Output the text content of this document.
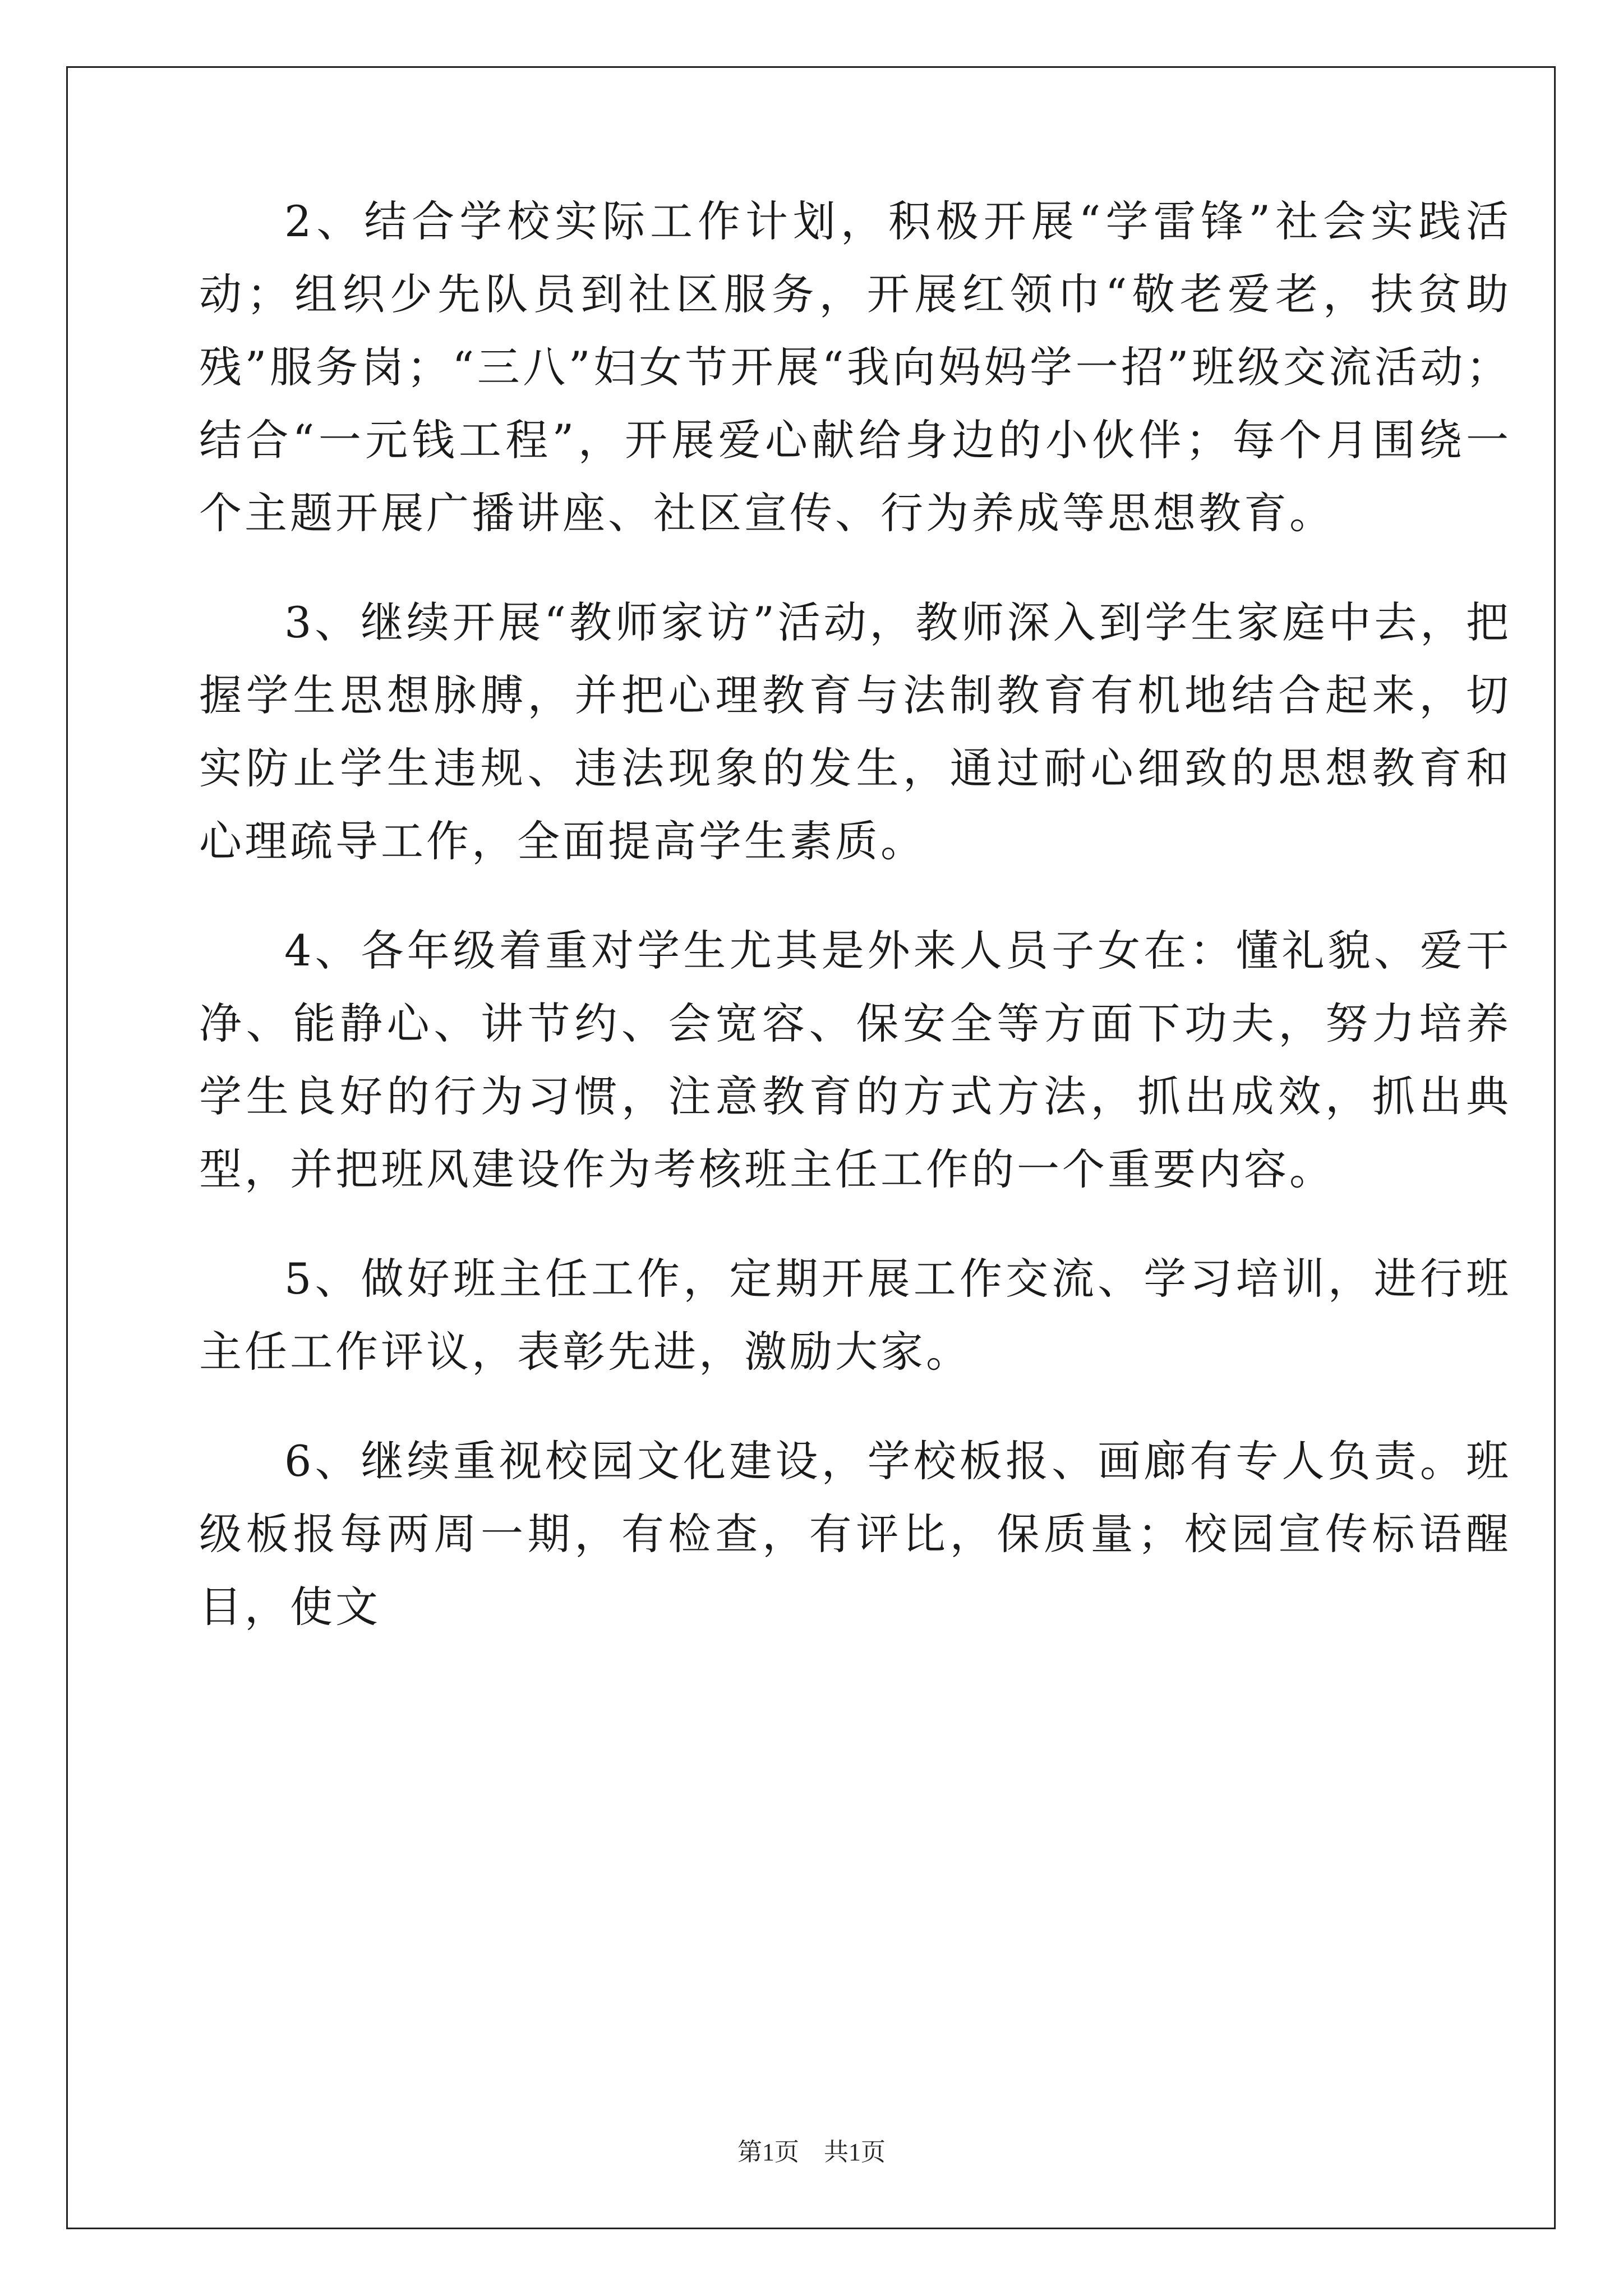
2、结合学校实际工作计划，积极开展“学雷锋”社会实践活动；组织少先队员到社区服务，开展红领巾“敬老爱老，扶贫助残”服务岗；“三八”妇女节开展“我向妈妈学一招”班级交流活动；结合“一元钱工程”，开展爱心献给身边的小伙伴；每个月围绕一个主题开展广播讲座、社区宣传、行为养成等思想教育。

3、继续开展“教师家访”活动，教师深入到学生家庭中去，把握学生思想脉膊，并把心理教育与法制教育有机地结合起来，切实防止学生违规、违法现象的发生，通过耐心细致的思想教育和心理疏导工作，全面提高学生素质。

4、各年级着重对学生尤其是外来人员子女在：懂礼貌、爱干净、能静心、讲节约、会宽容、保安全等方面下功夫，努力培养学生良好的行为习惯，注意教育的方式方法，抓出成效，抓出典型，并把班风建设作为考核班主任工作的一个重要内容。

5、做好班主任工作，定期开展工作交流、学习培训，进行班主任工作评议，表彰先进，激励大家。

6、继续重视校园文化建设，学校板报、画廊有专人负责。班级板报每两周一期，有检查，有评比，保质量；校园宣传标语醒目，使文

第1页　共1页
